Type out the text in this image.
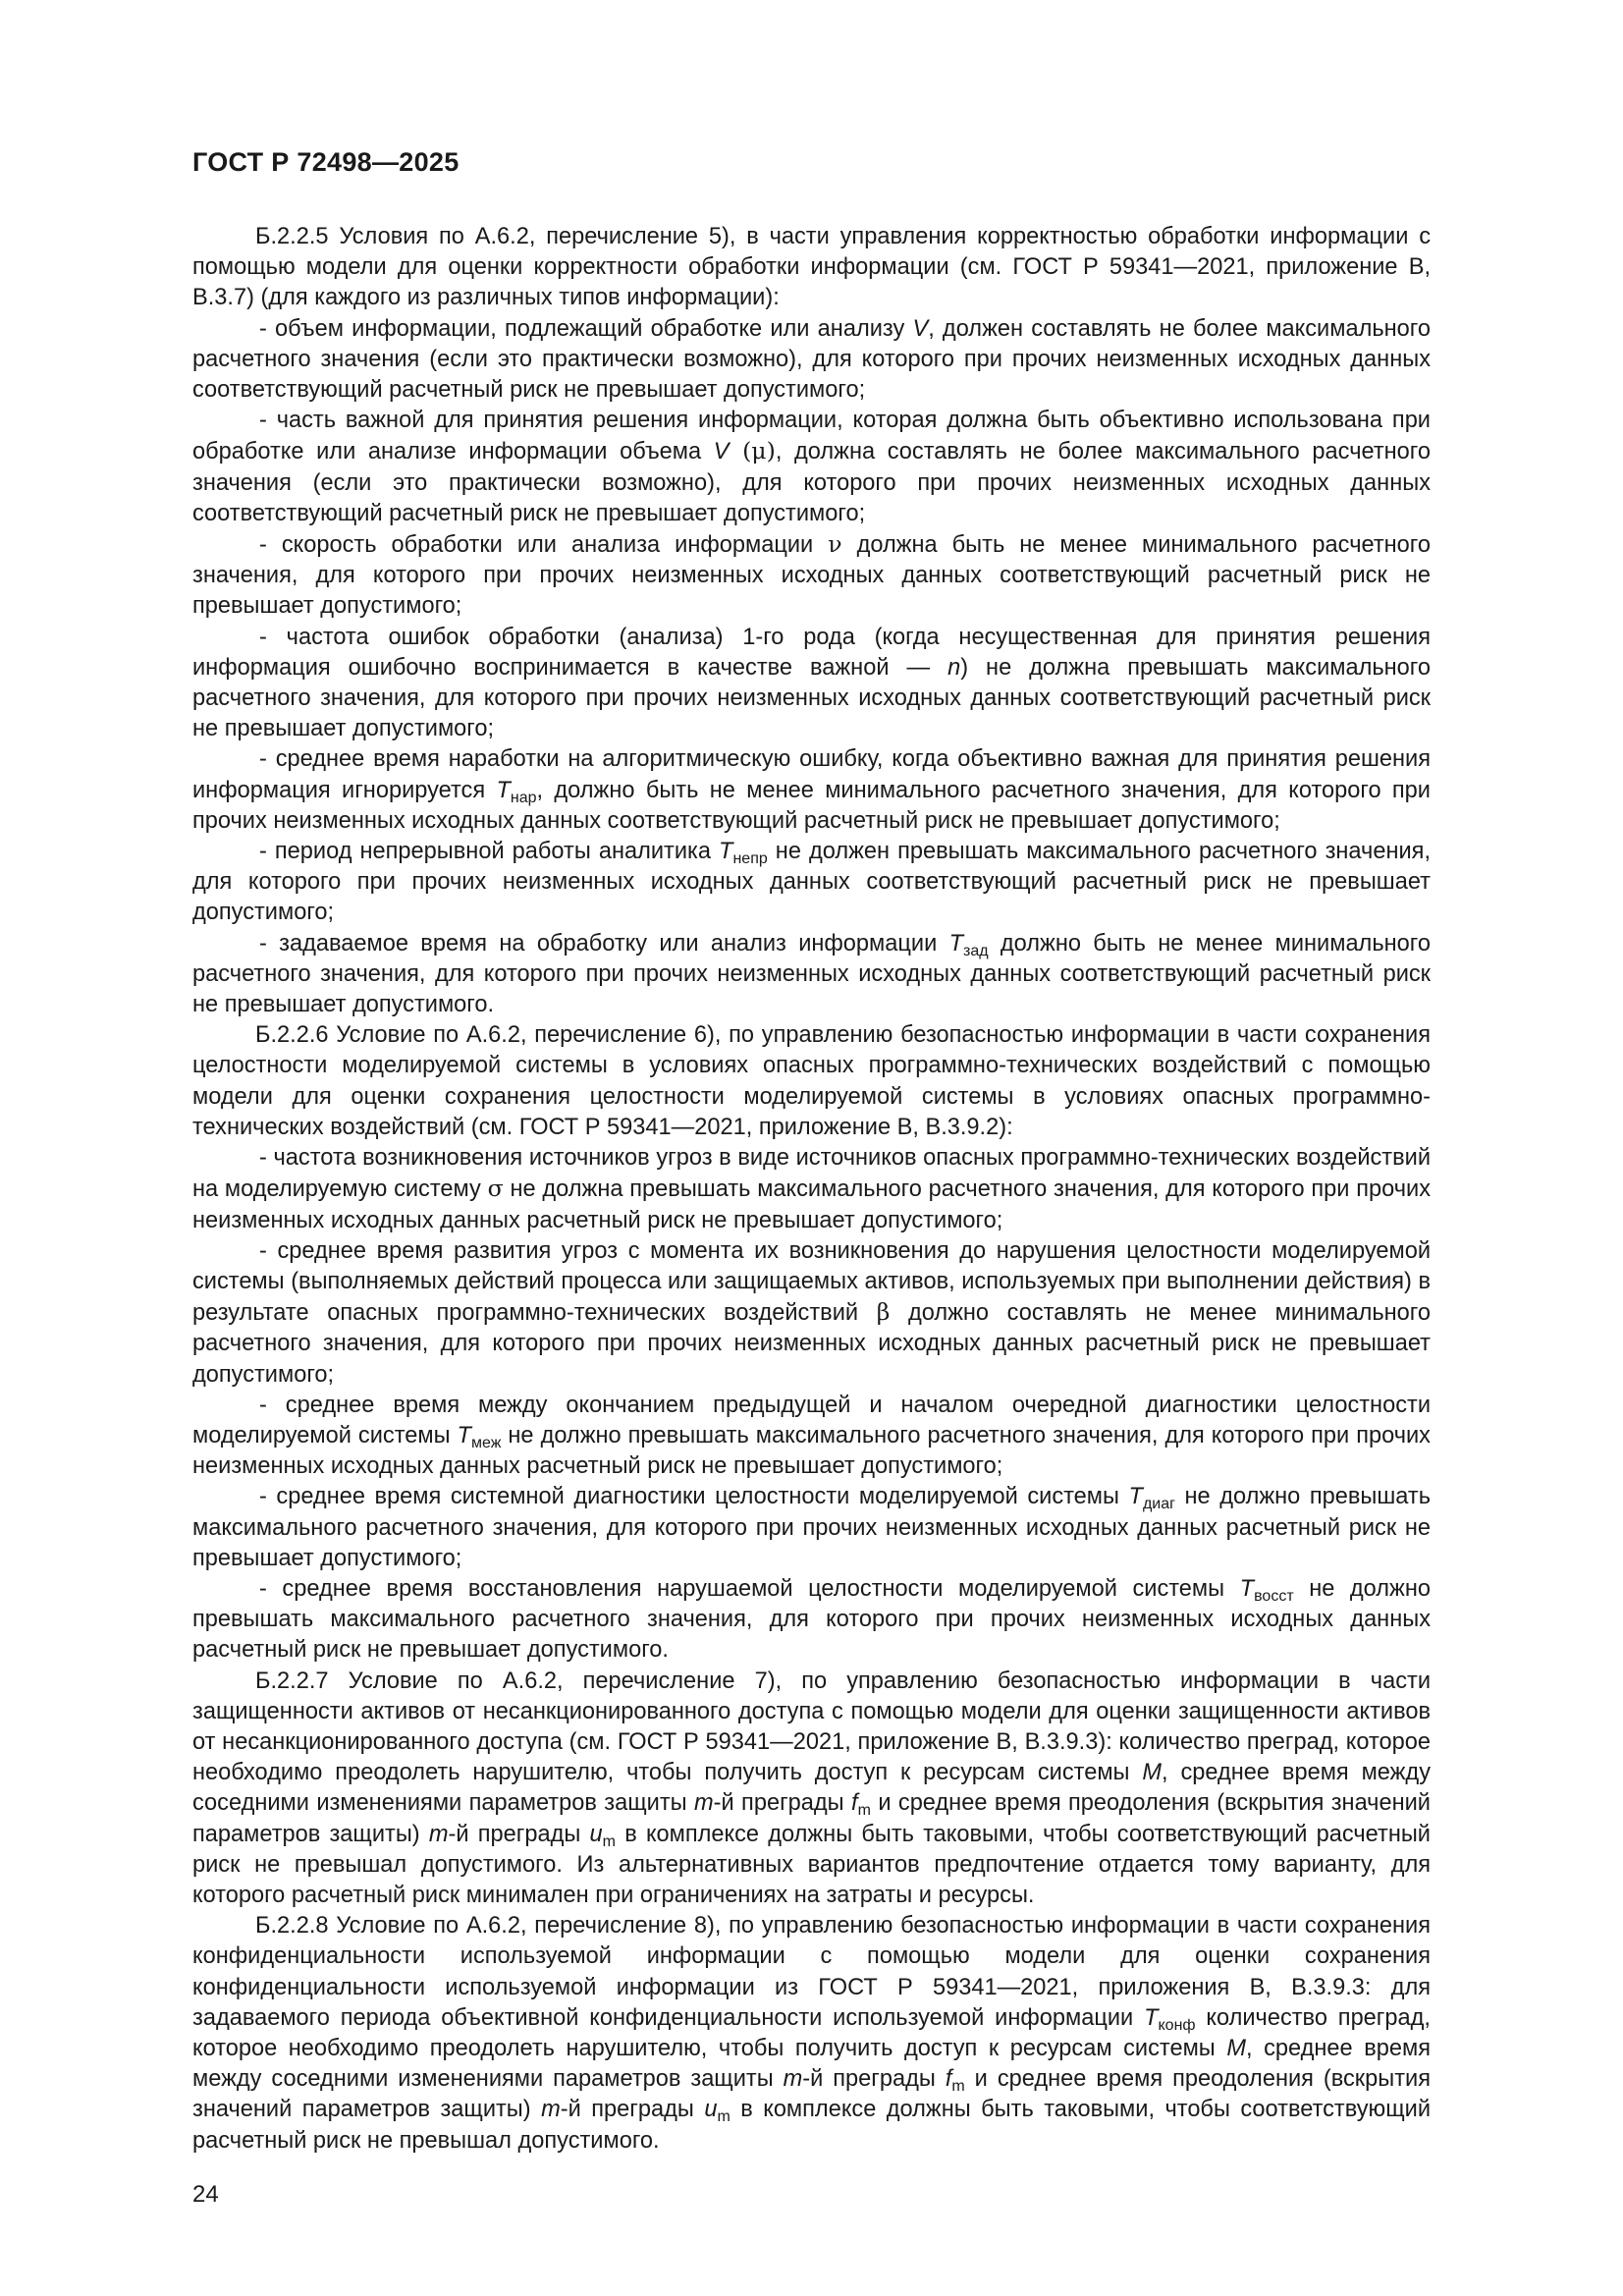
ГОСТ Р 72498—2025

Б.2.2.5 Условия по А.6.2, перечисление 5), в части управления корректностью обработки информации с помощью модели для оценки корректности обработки информации (см. ГОСТ Р 59341—2021, приложение В, В.3.7) (для каждого из различных типов информации):

- объем информации, подлежащий обработке или анализу V, должен составлять не более максимального расчетного значения (если это практически возможно), для которого при прочих неизменных исходных данных соответствующий расчетный риск не превышает допустимого;

- часть важной для принятия решения информации, которая должна быть объективно использована при обработке или анализе информации объема V (μ), должна составлять не более максимального расчетного значения (если это практически возможно), для которого при прочих неизменных исходных данных соответствующий расчетный риск не превышает допустимого;

- скорость обработки или анализа информации ν должна быть не менее минимального расчетного значения, для которого при прочих неизменных исходных данных соответствующий расчетный риск не превышает допустимого;

- частота ошибок обработки (анализа) 1-го рода (когда несущественная для принятия решения информация ошибочно воспринимается в качестве важной — n) не должна превышать максимального расчетного значения, для которого при прочих неизменных исходных данных соответствующий расчетный риск не превышает допустимого;

- среднее время наработки на алгоритмическую ошибку, когда объективно важная для принятия решения информация игнорируется $T_{нар}$, должно быть не менее минимального расчетного значения, для которого при прочих неизменных исходных данных соответствующий расчетный риск не превышает допустимого;

- период непрерывной работы аналитика $T_{непр}$ не должен превышать максимального расчетного значения, для которого при прочих неизменных исходных данных соответствующий расчетный риск не превышает допустимого;

- задаваемое время на обработку или анализ информации $T_{зад}$ должно быть не менее минимального расчетного значения, для которого при прочих неизменных исходных данных соответствующий расчетный риск не превышает допустимого.

Б.2.2.6 Условие по А.6.2, перечисление 6), по управлению безопасностью информации в части сохранения целостности моделируемой системы в условиях опасных программно-технических воздействий с помощью модели для оценки сохранения целостности моделируемой системы в условиях опасных программно-технических воздействий (см. ГОСТ Р 59341—2021, приложение В, В.3.9.2):

- частота возникновения источников угроз в виде источников опасных программно-технических воздействий на моделируемую систему σ не должна превышать максимального расчетного значения, для которого при прочих неизменных исходных данных расчетный риск не превышает допустимого;

- среднее время развития угроз с момента их возникновения до нарушения целостности моделируемой системы (выполняемых действий процесса или защищаемых активов, используемых при выполнении действия) в результате опасных программно-технических воздействий β должно составлять не менее минимального расчетного значения, для которого при прочих неизменных исходных данных расчетный риск не превышает допустимого;

- среднее время между окончанием предыдущей и началом очередной диагностики целостности моделируемой системы $T_{меж}$ не должно превышать максимального расчетного значения, для которого при прочих неизменных исходных данных расчетный риск не превышает допустимого;

- среднее время системной диагностики целостности моделируемой системы $T_{диаг}$ не должно превышать максимального расчетного значения, для которого при прочих неизменных исходных данных расчетный риск не превышает допустимого;

- среднее время восстановления нарушаемой целостности моделируемой системы $T_{восст}$ не должно превышать максимального расчетного значения, для которого при прочих неизменных исходных данных расчетный риск не превышает допустимого.

Б.2.2.7 Условие по А.6.2, перечисление 7), по управлению безопасностью информации в части защищенности активов от несанкционированного доступа с помощью модели для оценки защищенности активов от несанкционированного доступа (см. ГОСТ Р 59341—2021, приложение В, В.3.9.3): количество преград, которое необходимо преодолеть нарушителю, чтобы получить доступ к ресурсам системы M, среднее время между соседними изменениями параметров защиты m-й преграды $f_m$ и среднее время преодоления (вскрытия значений параметров защиты) m-й преграды $u_m$ в комплексе должны быть таковыми, чтобы соответствующий расчетный риск не превышал допустимого. Из альтернативных вариантов предпочтение отдается тому варианту, для которого расчетный риск минимален при ограничениях на затраты и ресурсы.

Б.2.2.8 Условие по А.6.2, перечисление 8), по управлению безопасностью информации в части сохранения конфиденциальности используемой информации с помощью модели для оценки сохранения конфиденциальности используемой информации из ГОСТ Р 59341—2021, приложения В, В.3.9.3: для задаваемого периода объективной конфиденциальности используемой информации $T_{конф}$ количество преград, которое необходимо преодолеть нарушителю, чтобы получить доступ к ресурсам системы M, среднее время между соседними изменениями параметров защиты m-й преграды $f_m$ и среднее время преодоления (вскрытия значений параметров защиты) m-й преграды $u_m$ в комплексе должны быть таковыми, чтобы соответствующий расчетный риск не превышал допустимого.

24
